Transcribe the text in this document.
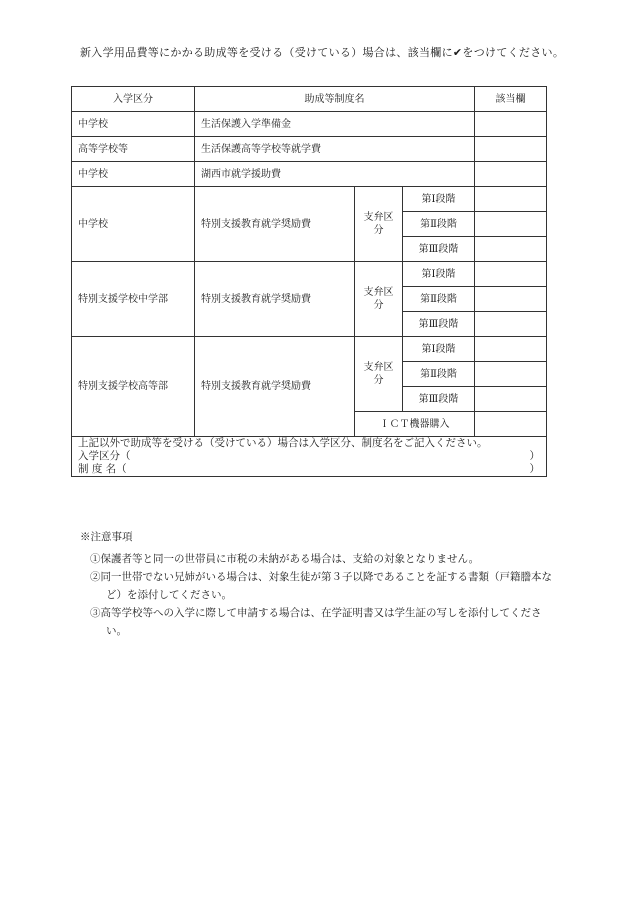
新入学用品費等にかかる助成等を受ける（受けている）場合は、該当欄に✔をつけてください。
入学区分	助成等制度名			該当欄
中学校	生活保護入学準備金			
高等学校等	生活保護高等学校等就学費			
中学校	湖西市就学援助費			
中学校	特別支援教育就学奨励費	支弁区分	第Ⅰ段階	
			第Ⅱ段階	
			第Ⅲ段階	
特別支援学校中学部	特別支援教育就学奨励費	支弁区分	第Ⅰ段階	
			第Ⅱ段階	
			第Ⅲ段階	
特別支援学校高等部	特別支援教育就学奨励費	支弁区分	第Ⅰ段階	
			第Ⅱ段階	
			第Ⅲ段階	
		ＩＣＴ機器購入		

上記以外で助成等を受ける（受けている）場合は入学区分、制度名をご記入ください。
入学区分（ ）
制 度 名（ ）				
※注意事項
①保護者等と同一の世帯員に市税の未納がある場合は、支給の対象となりません。
②同一世帯でない兄姉がいる場合は、対象生徒が第３子以降であることを証する書類（戸籍謄本など）を添付してください。
③高等学校等への入学に際して申請する場合は、在学証明書又は学生証の写しを添付してください。
